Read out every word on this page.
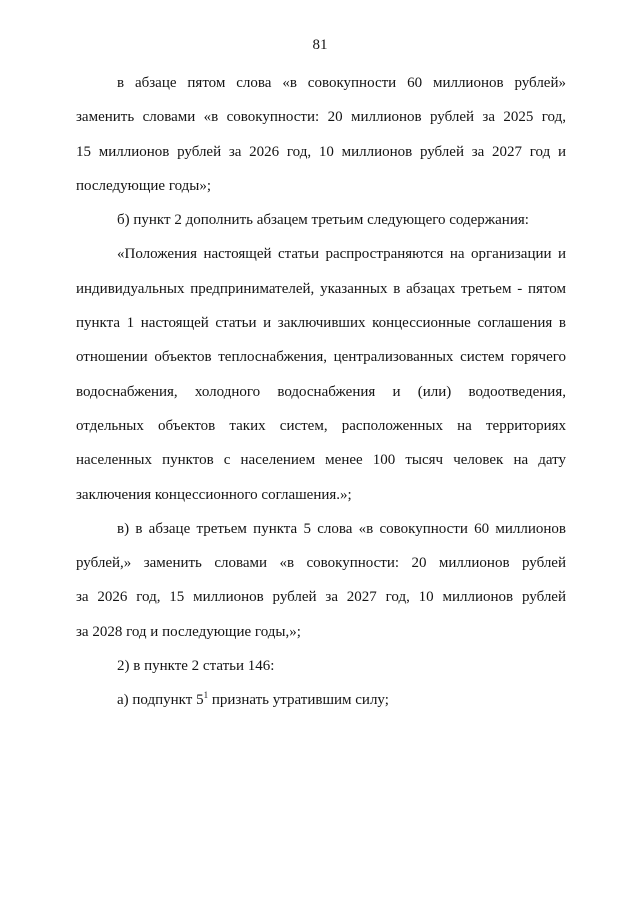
81
в абзаце пятом слова «в совокупности 60 миллионов рублей»
заменить словами «в совокупности: 20 миллионов рублей за 2025 год,
15 миллионов рублей за 2026 год, 10 миллионов рублей за 2027 год и
последующие годы»;
б) пункт 2 дополнить абзацем третьим следующего содержания:
«Положения настоящей статьи распространяются на организации и
индивидуальных предпринимателей, указанных в абзацах третьем - пятом
пункта 1 настоящей статьи и заключивших концессионные соглашения в
отношении объектов теплоснабжения, централизованных систем горячего
водоснабжения, холодного водоснабжения и (или) водоотведения,
отдельных объектов таких систем, расположенных на территориях
населенных пунктов с населением менее 100 тысяч человек на дату
заключения концессионного соглашения.»;
в) в абзаце третьем пункта 5 слова «в совокупности 60 миллионов
рублей,» заменить словами «в совокупности: 20 миллионов рублей
за 2026 год, 15 миллионов рублей за 2027 год, 10 миллионов рублей
за 2028 год и последующие годы,»;
2) в пункте 2 статьи 146:
а) подпункт $5^1$ признать утратившим силу;
